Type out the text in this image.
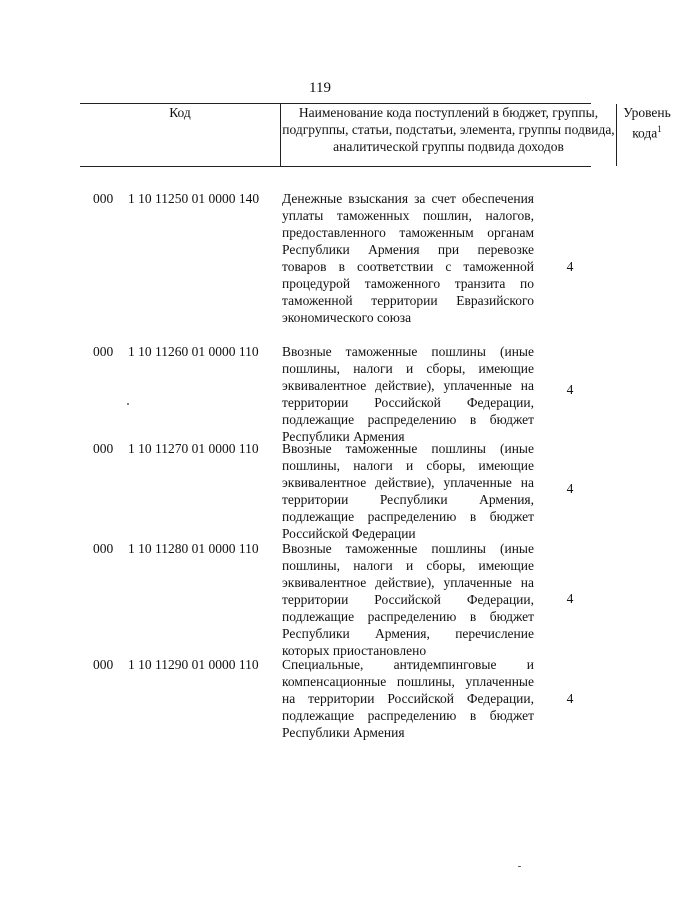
119
Код	Наименование кода поступлений в бюджет, группы, подгруппы, статьи, подстатьи, элемента, группы подвида, аналитической группы подвида доходов
Уровень кода$^1$
000 1 10 11250 01 0000 140 Денежные взыскания за счет обеспечения уплаты таможенных пошлин, налогов, предоставленного таможенным органам Республики Армения при перевозке товаров в соответствии с таможенной процедурой таможенного транзита по таможенной территории Евразийского экономического союза
4
000 1 10 11260 01 0000 110 Ввозные таможенные пошлины (иные пошлины, налоги и сборы, имеющие эквивалентное действие), уплаченные на территории Российской Федерации, подлежащие распределению в бюджет Республики Армения
4
000 1 10 11270 01 0000 110 Ввозные таможенные пошлины (иные пошлины, налоги и сборы, имеющие эквивалентное действие), уплаченные на территории Республики Армения, подлежащие распределению в бюджет Российской Федерации
4
000 1 10 11280 01 0000 110 Ввозные таможенные пошлины (иные пошлины, налоги и сборы, имеющие эквивалентное действие), уплаченные на территории Российской Федерации, подлежащие распределению в бюджет Республики Армения, перечисление которых приостановлено
4
000 1 10 11290 01 0000 110 Специальные, антидемпинговые и компенсационные пошлины, уплаченные на территории Российской Федерации, подлежащие распределению в бюджет Республики Армения
4
